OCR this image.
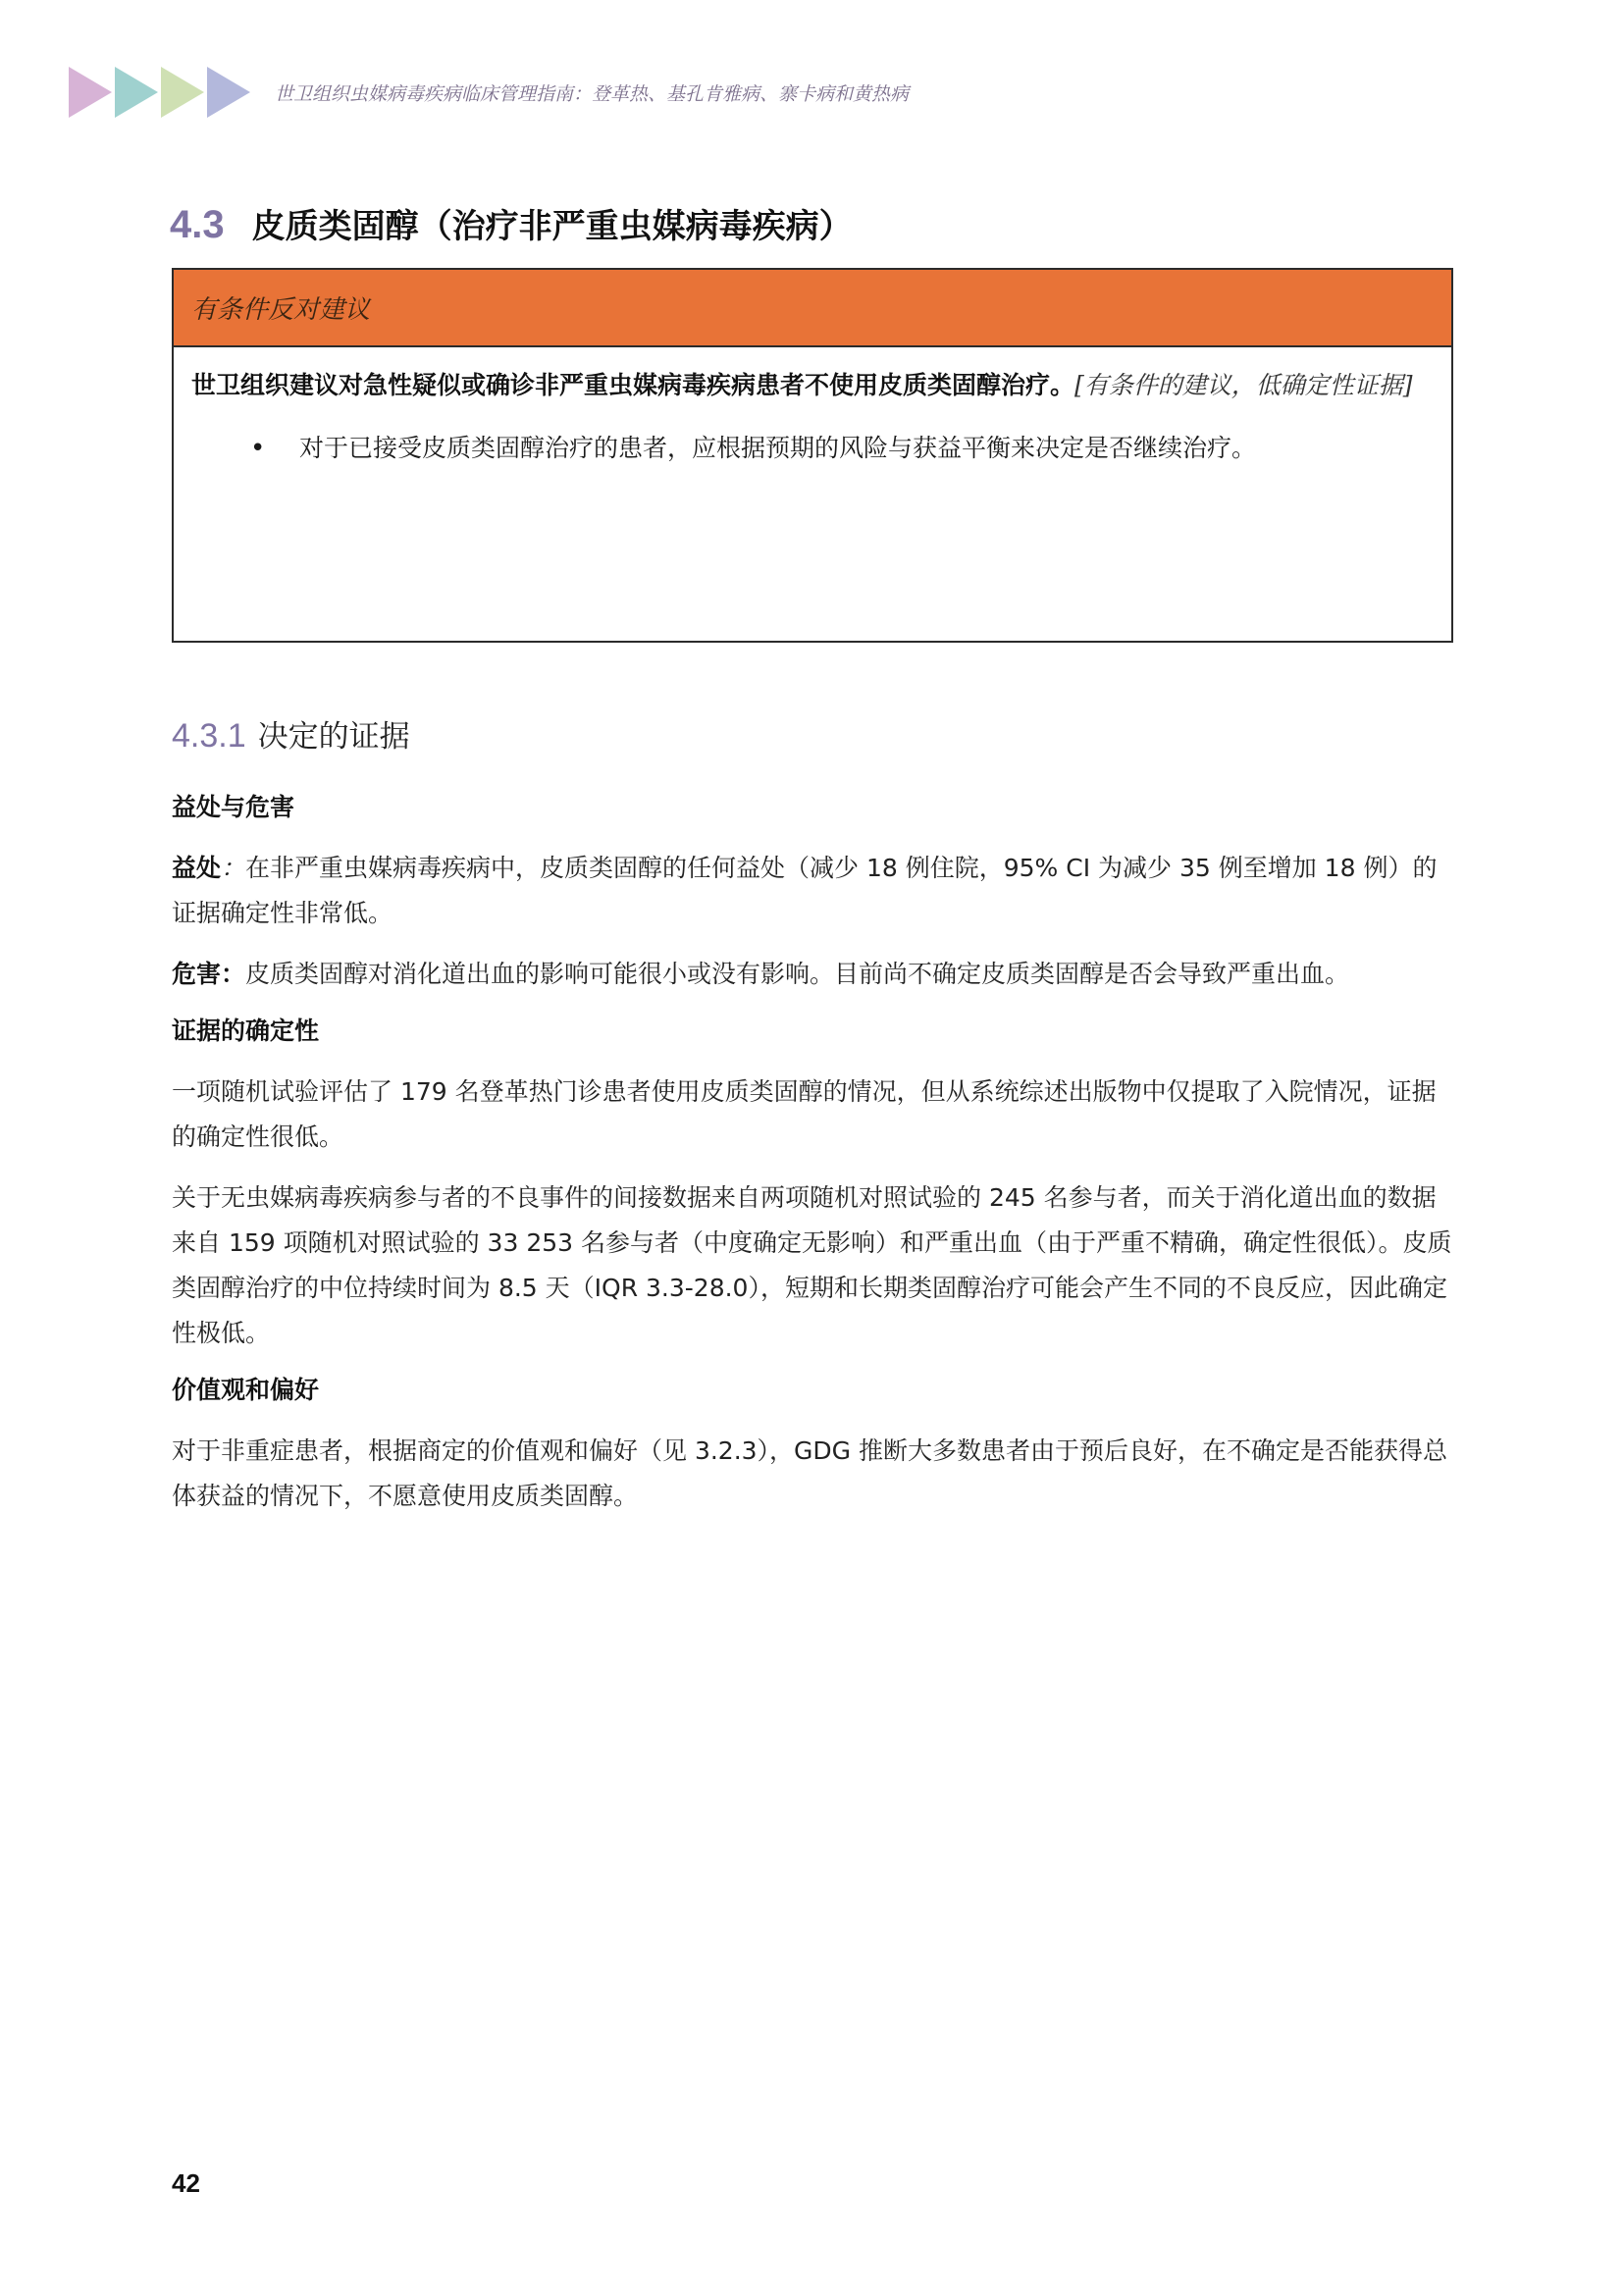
世卫组织虫媒病毒疾病临床管理指南：登革热、基孔肯雅病、寨卡病和黄热病
4.3 皮质类固醇（治疗非严重虫媒病毒疾病）
有条件反对建议
世卫组织建议对急性疑似或确诊非严重虫媒病毒疾病患者不使用皮质类固醇治疗。[有条件的建议，低确定性证据]
•	对于已接受皮质类固醇治疗的患者，应根据预期的风险与获益平衡来决定是否继续治疗。
4.3.1 决定的证据

益处与危害

益处：在非严重虫媒病毒疾病中，皮质类固醇的任何益处（减少 18 例住院，95% CI 为减少 35 例至增加 18 例）的证据确定性非常低。

危害：皮质类固醇对消化道出血的影响可能很小或没有影响。目前尚不确定皮质类固醇是否会导致严重出血。

证据的确定性

一项随机试验评估了 179 名登革热门诊患者使用皮质类固醇的情况，但从系统综述出版物中仅提取了入院情况，证据的确定性很低。

关于无虫媒病毒疾病参与者的不良事件的间接数据来自两项随机对照试验的 245 名参与者，而关于消化道出血的数据来自 159 项随机对照试验的 33 253 名参与者（中度确定无影响）和严重出血（由于严重不精确，确定性很低）。皮质类固醇治疗的中位持续时间为 8.5 天（IQR 3.3-28.0），短期和长期类固醇治疗可能会产生不同的不良反应，因此确定性极低。

价值观和偏好

对于非重症患者，根据商定的价值观和偏好（见 3.2.3），GDG 推断大多数患者由于预后良好，在不确定是否能获得总体获益的情况下，不愿意使用皮质类固醇。

42
